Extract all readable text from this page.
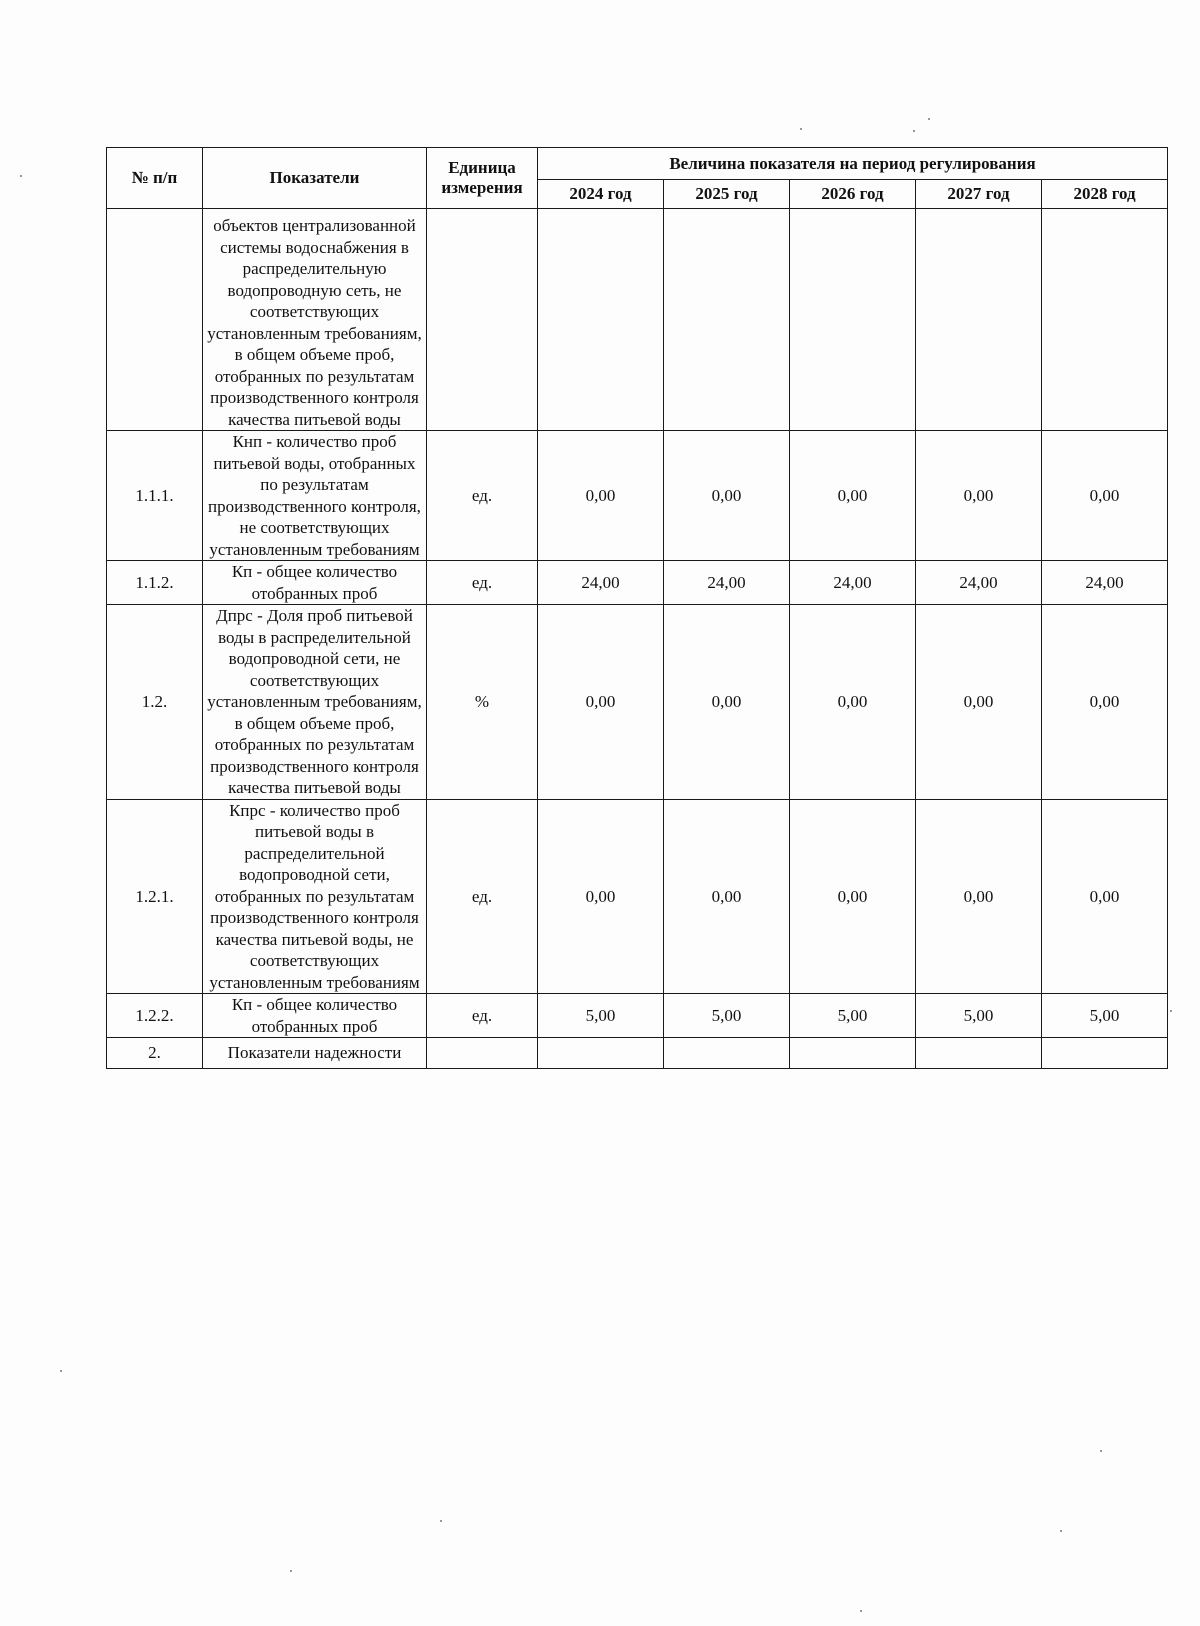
№ п/п	Показатели	Единица измерения	Величина показателя на период регулирования				
			2024 год	2025 год	2026 год	2027 год	2028 год
	объектов централизованной системы водоснабжения в распределительную водопроводную сеть, не соответствующих установленным требованиям, в общем объеме проб, отобранных по результатам производственного контроля качества питьевой воды						
1.1.1.	Кнп - количество проб питьевой воды, отобранных по результатам производственного контроля, не соответствующих установленным требованиям	ед.	0,00	0,00	0,00	0,00	0,00
1.1.2.	Кп - общее количество отобранных проб	ед.	24,00	24,00	24,00	24,00	24,00
1.2.	Дпрс - Доля проб питьевой воды в распределительной водопроводной сети, не соответствующих установленным требованиям, в общем объеме проб, отобранных по результатам производственного контроля качества питьевой воды	%	0,00	0,00	0,00	0,00	0,00
1.2.1.	Кпрс - количество проб питьевой воды в распределительной водопроводной сети, отобранных по результатам производственного контроля качества питьевой воды, не соответствующих установленным требованиям	ед.	0,00	0,00	0,00	0,00	0,00
1.2.2.	Кп - общее количество отобранных проб	ед.	5,00	5,00	5,00	5,00	5,00
2.	Показатели надежности						
